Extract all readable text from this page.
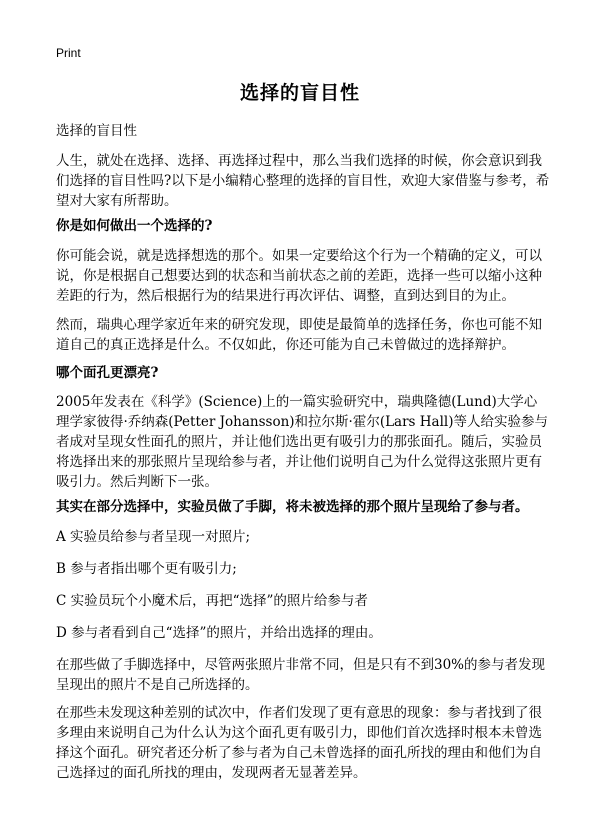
Print
选择的盲目性

选择的盲目性

人生，就处在选择、选择、再选择过程中，那么当我们选择的时候，你会意识到我们选择的盲目性吗?以下是小编精心整理的选择的盲目性，欢迎大家借鉴与参考，希望对大家有所帮助。

你是如何做出一个选择的?

你可能会说，就是选择想选的那个。如果一定要给这个行为一个精确的定义，可以说，你是根据自己想要达到的状态和当前状态之前的差距，选择一些可以缩小这种差距的行为，然后根据行为的结果进行再次评估、调整，直到达到目的为止。

然而，瑞典心理学家近年来的研究发现，即使是最简单的选择任务，你也可能不知道自己的真正选择是什么。不仅如此，你还可能为自己未曾做过的选择辩护。

哪个面孔更漂亮?

2005年发表在《科学》(Science)上的一篇实验研究中，瑞典隆德(Lund)大学心理学家彼得·乔纳森(Petter Johansson)和拉尔斯·霍尔(Lars Hall)等人给实验参与者成对呈现女性面孔的照片，并让他们选出更有吸引力的那张面孔。随后，实验员将选择出来的那张照片呈现给参与者，并让他们说明自己为什么觉得这张照片更有吸引力。然后判断下一张。

其实在部分选择中，实验员做了手脚，将未被选择的那个照片呈现给了参与者。

A 实验员给参与者呈现一对照片;

B 参与者指出哪个更有吸引力;

C 实验员玩个小魔术后，再把“选择”的照片给参与者

D 参与者看到自己“选择”的照片，并给出选择的理由。

在那些做了手脚选择中，尽管两张照片非常不同，但是只有不到30%的参与者发现呈现出的照片不是自己所选择的。

在那些未发现这种差别的试次中，作者们发现了更有意思的现象：参与者找到了很多理由来说明自己为什么认为这个面孔更有吸引力，即他们首次选择时根本未曾选择这个面孔。研究者还分析了参与者为自己未曾选择的面孔所找的理由和他们为自己选择过的面孔所找的理由，发现两者无显著差异。
